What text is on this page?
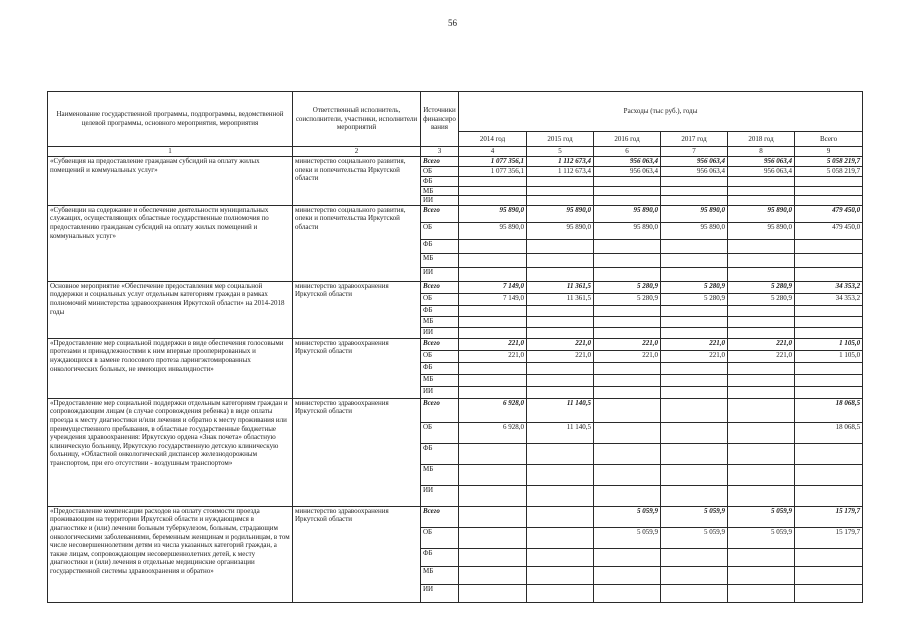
56
Наименование государственной программы, подпрограммы, ведомственной целевой программы, основного мероприятия, мероприятия	Ответственный исполнитель, соисполнители, участники, исполнители мероприятий	Источники финансиро вания	Расходы (тыс руб.), годы					
			2014 год	2015 год	2016 год	2017 год	2018 год	Всего
1	2	3	4	5	6	7	8	9
«Субвенция на предоставление гражданам субсидий на оплату жилых помещений и коммунальных услуг»	министерство социального развития, опеки и попечительства Иркутской области	Всего	1 077 356,1	1 112 673,4	956 063,4	956 063,4	956 063,4	5 058 219,7
		ОБ	1 077 356,1	1 112 673,4	956 063,4	956 063,4	956 063,4	5 058 219,7
		ФБ						
		МБ						
		ИИ						
«Субвенции на содержание и обеспечение деятельности муниципальных служащих, осуществляющих областные государственные полномочия по предоставлению гражданам субсидий на оплату жилых помещений и коммунальных услуг»	министерство социального развития, опеки и попечительства Иркутской области	Всего	95 890,0	95 890,0	95 890,0	95 890,0	95 890,0	479 450,0
		ОБ	95 890,0	95 890,0	95 890,0	95 890,0	95 890,0	479 450,0
		ФБ						
		МБ						
		ИИ						
Основное мероприятие «Обеспечение предоставления мер социальной поддержки и социальных услуг отдельным категориям граждан в рамках полномочий министерства здравоохранения Иркутской области» на 2014-2018 годы	министерство здравоохранения Иркутской области	Всего	7 149,0	11 361,5	5 280,9	5 280,9	5 280,9	34 353,2
		ОБ	7 149,0	11 361,5	5 280,9	5 280,9	5 280,9	34 353,2
		ФБ						
		МБ						
		ИИ						
«Предоставление мер социальной поддержки в виде обеспечения голосовыми протезами и принадлежностями к ним впервые прооперированных и нуждающихся в замене голосового протеза ларингэктомированных онкологических больных, не имеющих инвалидности»	министерство здравоохранения Иркутской области	Всего	221,0	221,0	221,0	221,0	221,0	1 105,0
		ОБ	221,0	221,0	221,0	221,0	221,0	1 105,0
		ФБ						
		МБ						
		ИИ						
«Предоставление мер социальной поддержки отдельным категориям граждан и сопровождающим лицам (в случае сопровождения ребенка) в виде оплаты проезда к месту диагностики и/или лечения и обратно к месту проживания или преимущественного пребывания, в областные государственные бюджетные учреждения здравоохранения: Иркутскую ордена «Знак почета» областную клиническую больницу, Иркутскую государственную детскую клиническую больницу, «Областной онкологический диспансер железнодорожным транспортом, при его отсутствии - воздушным транспортом»	министерство здравоохранения Иркутской области	Всего	6 928,0	11 140,5				18 068,5
		ОБ	6 928,0	11 140,5				18 068,5
		ФБ						
		МБ						
		ИИ						
«Предоставление компенсации расходов на оплату стоимости проезда проживающим на территории Иркутской области и нуждающимся в диагностике и (или) лечении больным туберкулезом, больным, страдающим онкологическими заболеваниями, беременным женщинам и родильницам, в том числе несовершеннолетним детям из числа указанных категорий граждан, а также лицам, сопровождающим несовершеннолетних детей, к месту диагностики и (или) лечения в отдельные медицинские организации государственной системы здравоохранения и обратно»	министерство здравоохранения Иркутской области	Всего			5 059,9	5 059,9	5 059,9	15 179,7
		ОБ			5 059,9	5 059,9	5 059,9	15 179,7
		ФБ						
		МБ						
		ИИ						
